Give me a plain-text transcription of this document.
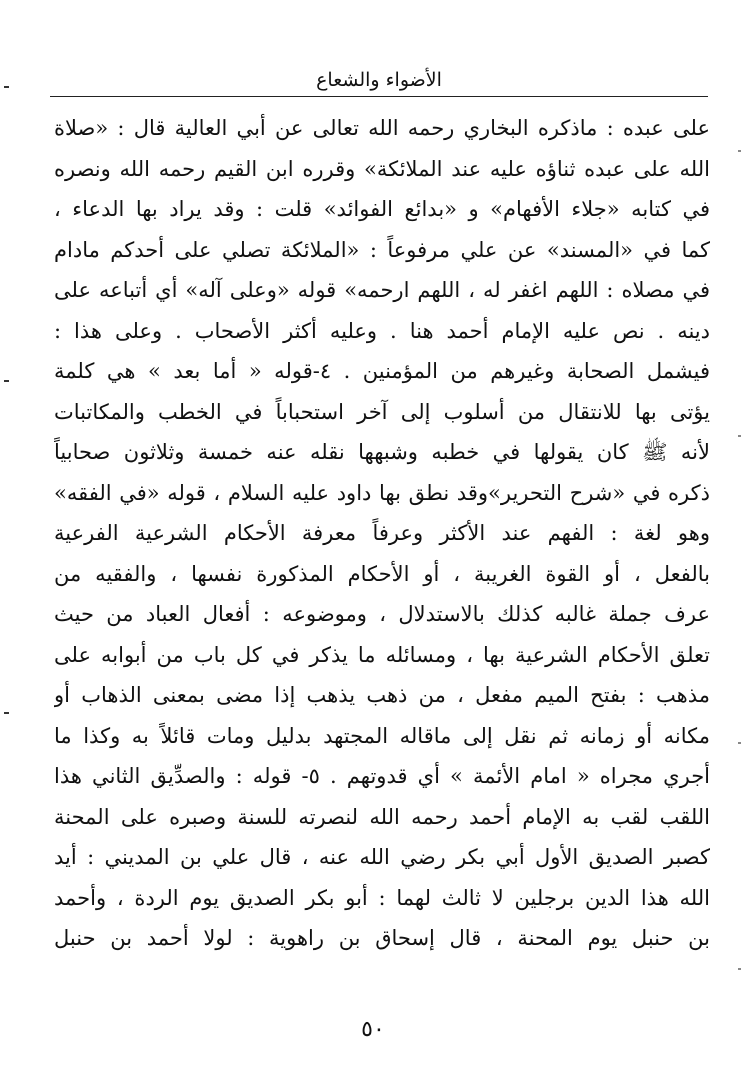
الأضواء والشعاع
على عبده : ماذكره البخاري رحمه الله تعالى عن أبي العالية قال : «صلاة
الله على عبده ثناؤه عليه عند الملائكة» وقرره ابن القيم رحمه الله ونصره
في كتابه «جلاء الأفهام» و «بدائع الفوائد» قلت : وقد يراد بها الدعاء ،
كما في «المسند» عن علي مرفوعاً : «الملائكة تصلي على أحدكم مادام
في مصلاه : اللهم اغفر له ، اللهم ارحمه» قوله «وعلى آله» أي أتباعه على
دينه . نص عليه الإمام أحمد هنا . وعليه أكثر الأصحاب . وعلى هذا :
فيشمل الصحابة وغيرهم من المؤمنين . ٤-قوله « أما بعد » هي كلمة
يؤتى بها للانتقال من أسلوب إلى آخر استحباباً في الخطب والمكاتبات
لأنه ﷺ كان يقولها في خطبه وشبهها نقله عنه خمسة وثلاثون صحابياً
ذكره في «شرح التحرير»وقد نطق بها داود عليه السلام ، قوله «في الفقه»
وهو لغة : الفهم عند الأكثر وعرفاً معرفة الأحكام الشرعية الفرعية
بالفعل ، أو القوة الغريبة ، أو الأحكام المذكورة نفسها ، والفقيه من
عرف جملة غالبه كذلك بالاستدلال ، وموضوعه : أفعال العباد من حيث
تعلق الأحكام الشرعية بها ، ومسائله ما يذكر في كل باب من أبوابه على
مذهب : بفتح الميم مفعل ، من ذهب يذهب إذا مضى بمعنى الذهاب أو
مكانه أو زمانه ثم نقل إلى ماقاله المجتهد بدليل ومات قائلاً به وكذا ما
أجري مجراه « امام الأئمة » أي قدوتهم . ٥- قوله : والصدِّيق الثاني هذا
اللقب لقب به الإمام أحمد رحمه الله لنصرته للسنة وصبره على المحنة
كصبر الصديق الأول أبي بكر رضي الله عنه ، قال علي بن المديني : أيد
الله هذا الدين برجلين لا ثالث لهما : أبو بكر الصديق يوم الردة ، وأحمد
بن حنبل يوم المحنة ، قال إسحاق بن راهوية : لولا أحمد بن حنبل
٥٠
